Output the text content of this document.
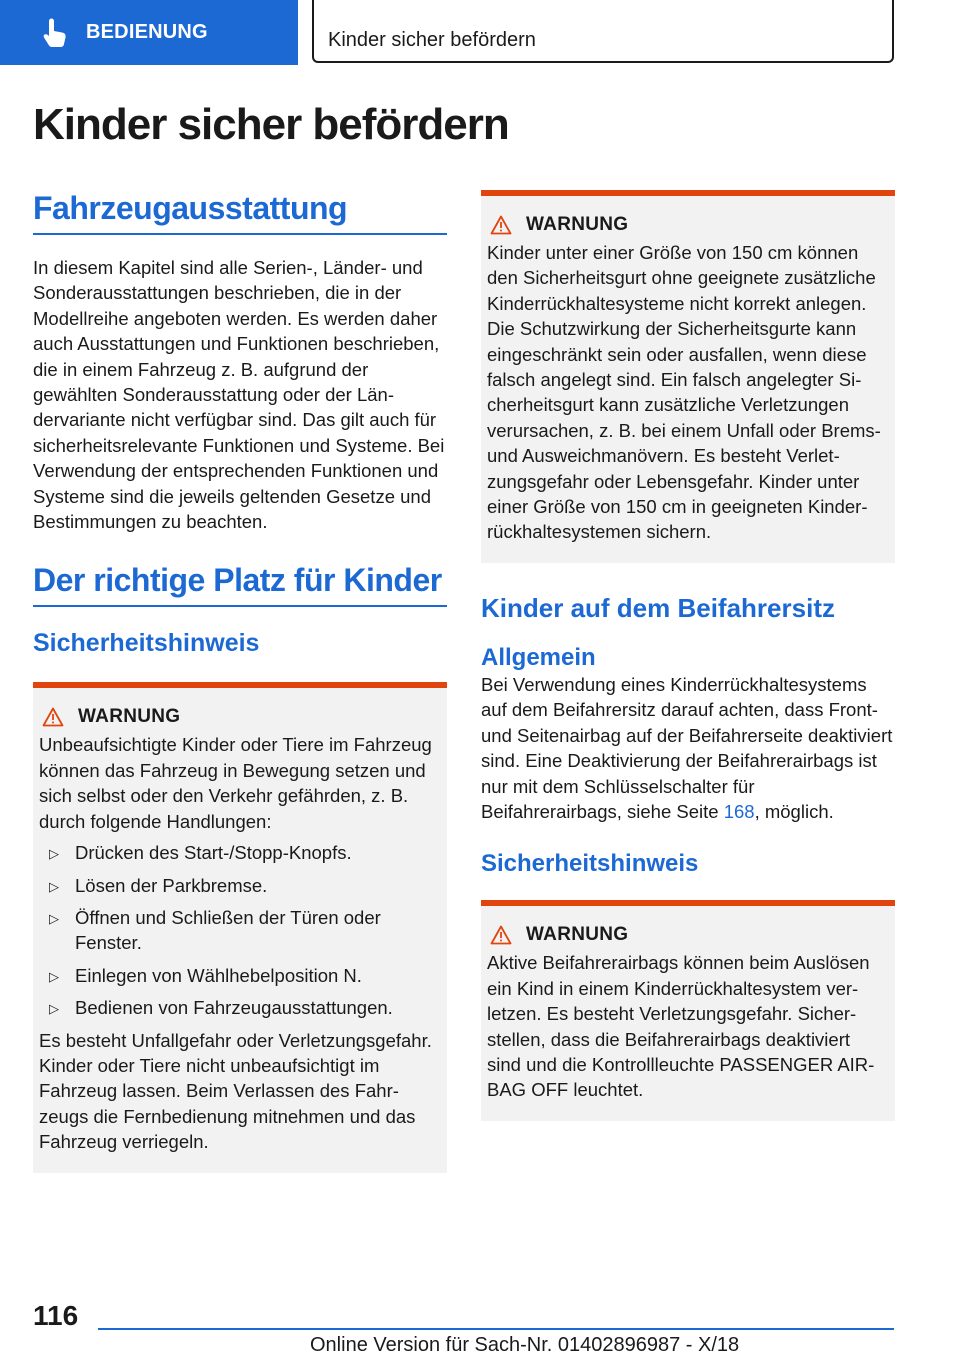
BEDIENUNG	Kinder sicher befördern
Kinder sicher befördern
Fahrzeugausstattung

In diesem Kapitel sind alle Serien-, Länder- und Sonderausstattungen beschrieben, die in der Modellreihe angeboten werden. Es werden daher auch Ausstattungen und Funktionen beschrieben, die in einem Fahrzeug z. B. aufgrund der gewählten Sonderausstattung oder der Ländervariante nicht verfügbar sind. Das gilt auch für sicherheitsrelevante Funktionen und Systeme. Bei Verwendung der entsprechenden Funktionen und Systeme sind die jeweils geltenden Gesetze und Bestimmungen zu beachten.

Der richtige Platz für Kinder
Sicherheitshinweis
WARNUNG

Unbeaufsichtigte Kinder oder Tiere im Fahrzeug können das Fahrzeug in Bewegung setzen und sich selbst oder den Verkehr gefährden, z. B. durch folgende Handlungen:

▷ Drücken des Start-/Stopp-Knopfs.
▷ Lösen der Parkbremse.
▷ Öffnen und Schließen der Türen oder Fenster.
▷ Einlegen von Wählhebelposition N.
▷ Bedienen von Fahrzeugausstattungen.

Es besteht Unfallgefahr oder Verletzungsgefahr. Kinder oder Tiere nicht unbeaufsichtigt im Fahrzeug lassen. Beim Verlassen des Fahrzeugs die Fernbedienung mitnehmen und das Fahrzeug verriegeln.

WARNUNG

Kinder unter einer Größe von 150 cm können den Sicherheitsgurt ohne geeignete zusätzliche Kinderrückhaltesysteme nicht korrekt anlegen. Die Schutzwirkung der Sicherheitsgurte kann eingeschränkt sein oder ausfallen, wenn diese falsch angelegt sind. Ein falsch angelegter Sicherheitsgurt kann zusätzliche Verletzungen verursachen, z. B. bei einem Unfall oder Brems- und Ausweichmanövern. Es besteht Verletzungsgefahr oder Lebensgefahr. Kinder unter einer Größe von 150 cm in geeigneten Kinderrückhaltesystemen sichern.

Kinder auf dem Beifahrersitz
Allgemein

Bei Verwendung eines Kinderrückhaltesystems auf dem Beifahrersitz darauf achten, dass Front- und Seitenairbag auf der Beifahrerseite deaktiviert sind. Eine Deaktivierung der Beifahrerairbags ist nur mit dem Schlüsselschalter für Beifahrerairbags, siehe Seite 168, möglich.

Sicherheitshinweis
WARNUNG

Aktive Beifahrerairbags können beim Auslösen ein Kind in einem Kinderrückhaltesystem verletzen. Es besteht Verletzungsgefahr. Sicherstellen, dass die Beifahrerairbags deaktiviert sind und die Kontrollleuchte PASSENGER AIRBAG OFF leuchtet.

116
Online Version für Sach-Nr. 01402896987 - X/18
